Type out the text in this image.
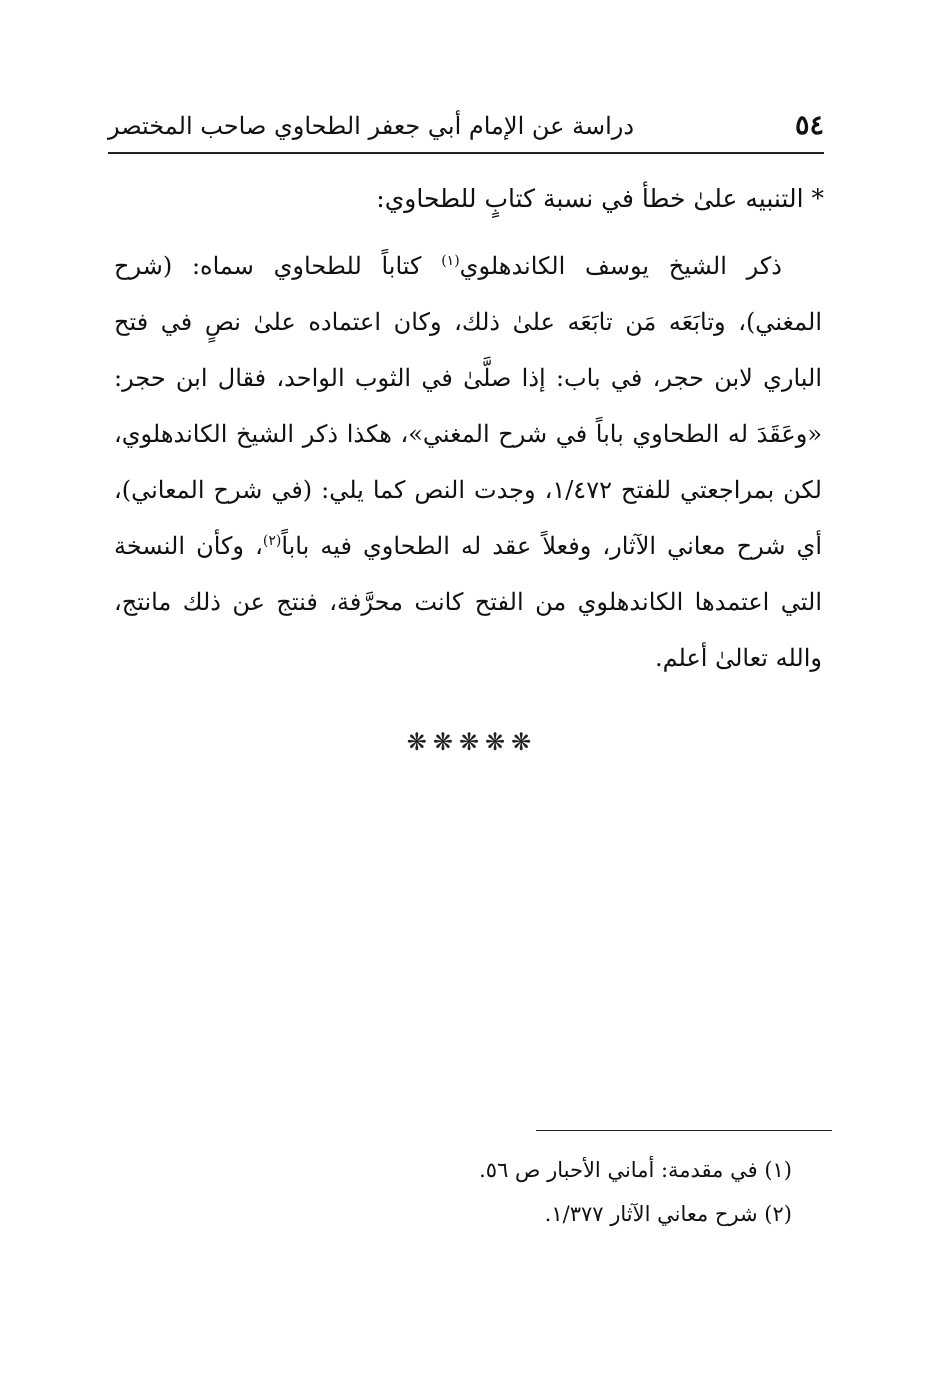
٥٤
دراسة عن الإمام أبي جعفر الطحاوي صاحب المختصر
* التنبيه علىٰ خطأ في نسبة كتابٍ للطحاوي:

ذكر الشيخ يوسف الكاندهلوي$^{(١)}$ كتاباً للطحاوي سماه: (شرح المغني)، وتابَعَه مَن تابَعَه علىٰ ذلك، وكان اعتماده علىٰ نصٍ في فتح الباري لابن حجر، في باب: إذا صلَّىٰ في الثوب الواحد، فقال ابن حجر: «وعَقَدَ له الطحاوي باباً في شرح المغني»، هكذا ذكر الشيخ الكاندهلوي، لكن بمراجعتي للفتح ١/٤٧٢، وجدت النص كما يلي: (في شرح المعاني)، أي شرح معاني الآثار، وفعلاً عقد له الطحاوي فيه باباً$^{(٢)}$، وكأن النسخة التي اعتمدها الكاندهلوي من الفتح كانت محرَّفة، فنتج عن ذلك مانتج، والله تعالىٰ أعلم.

❋❋❋❋❋
(١) في مقدمة: أماني الأحبار ص ٥٦.
(٢) شرح معاني الآثار ١/٣٧٧.
